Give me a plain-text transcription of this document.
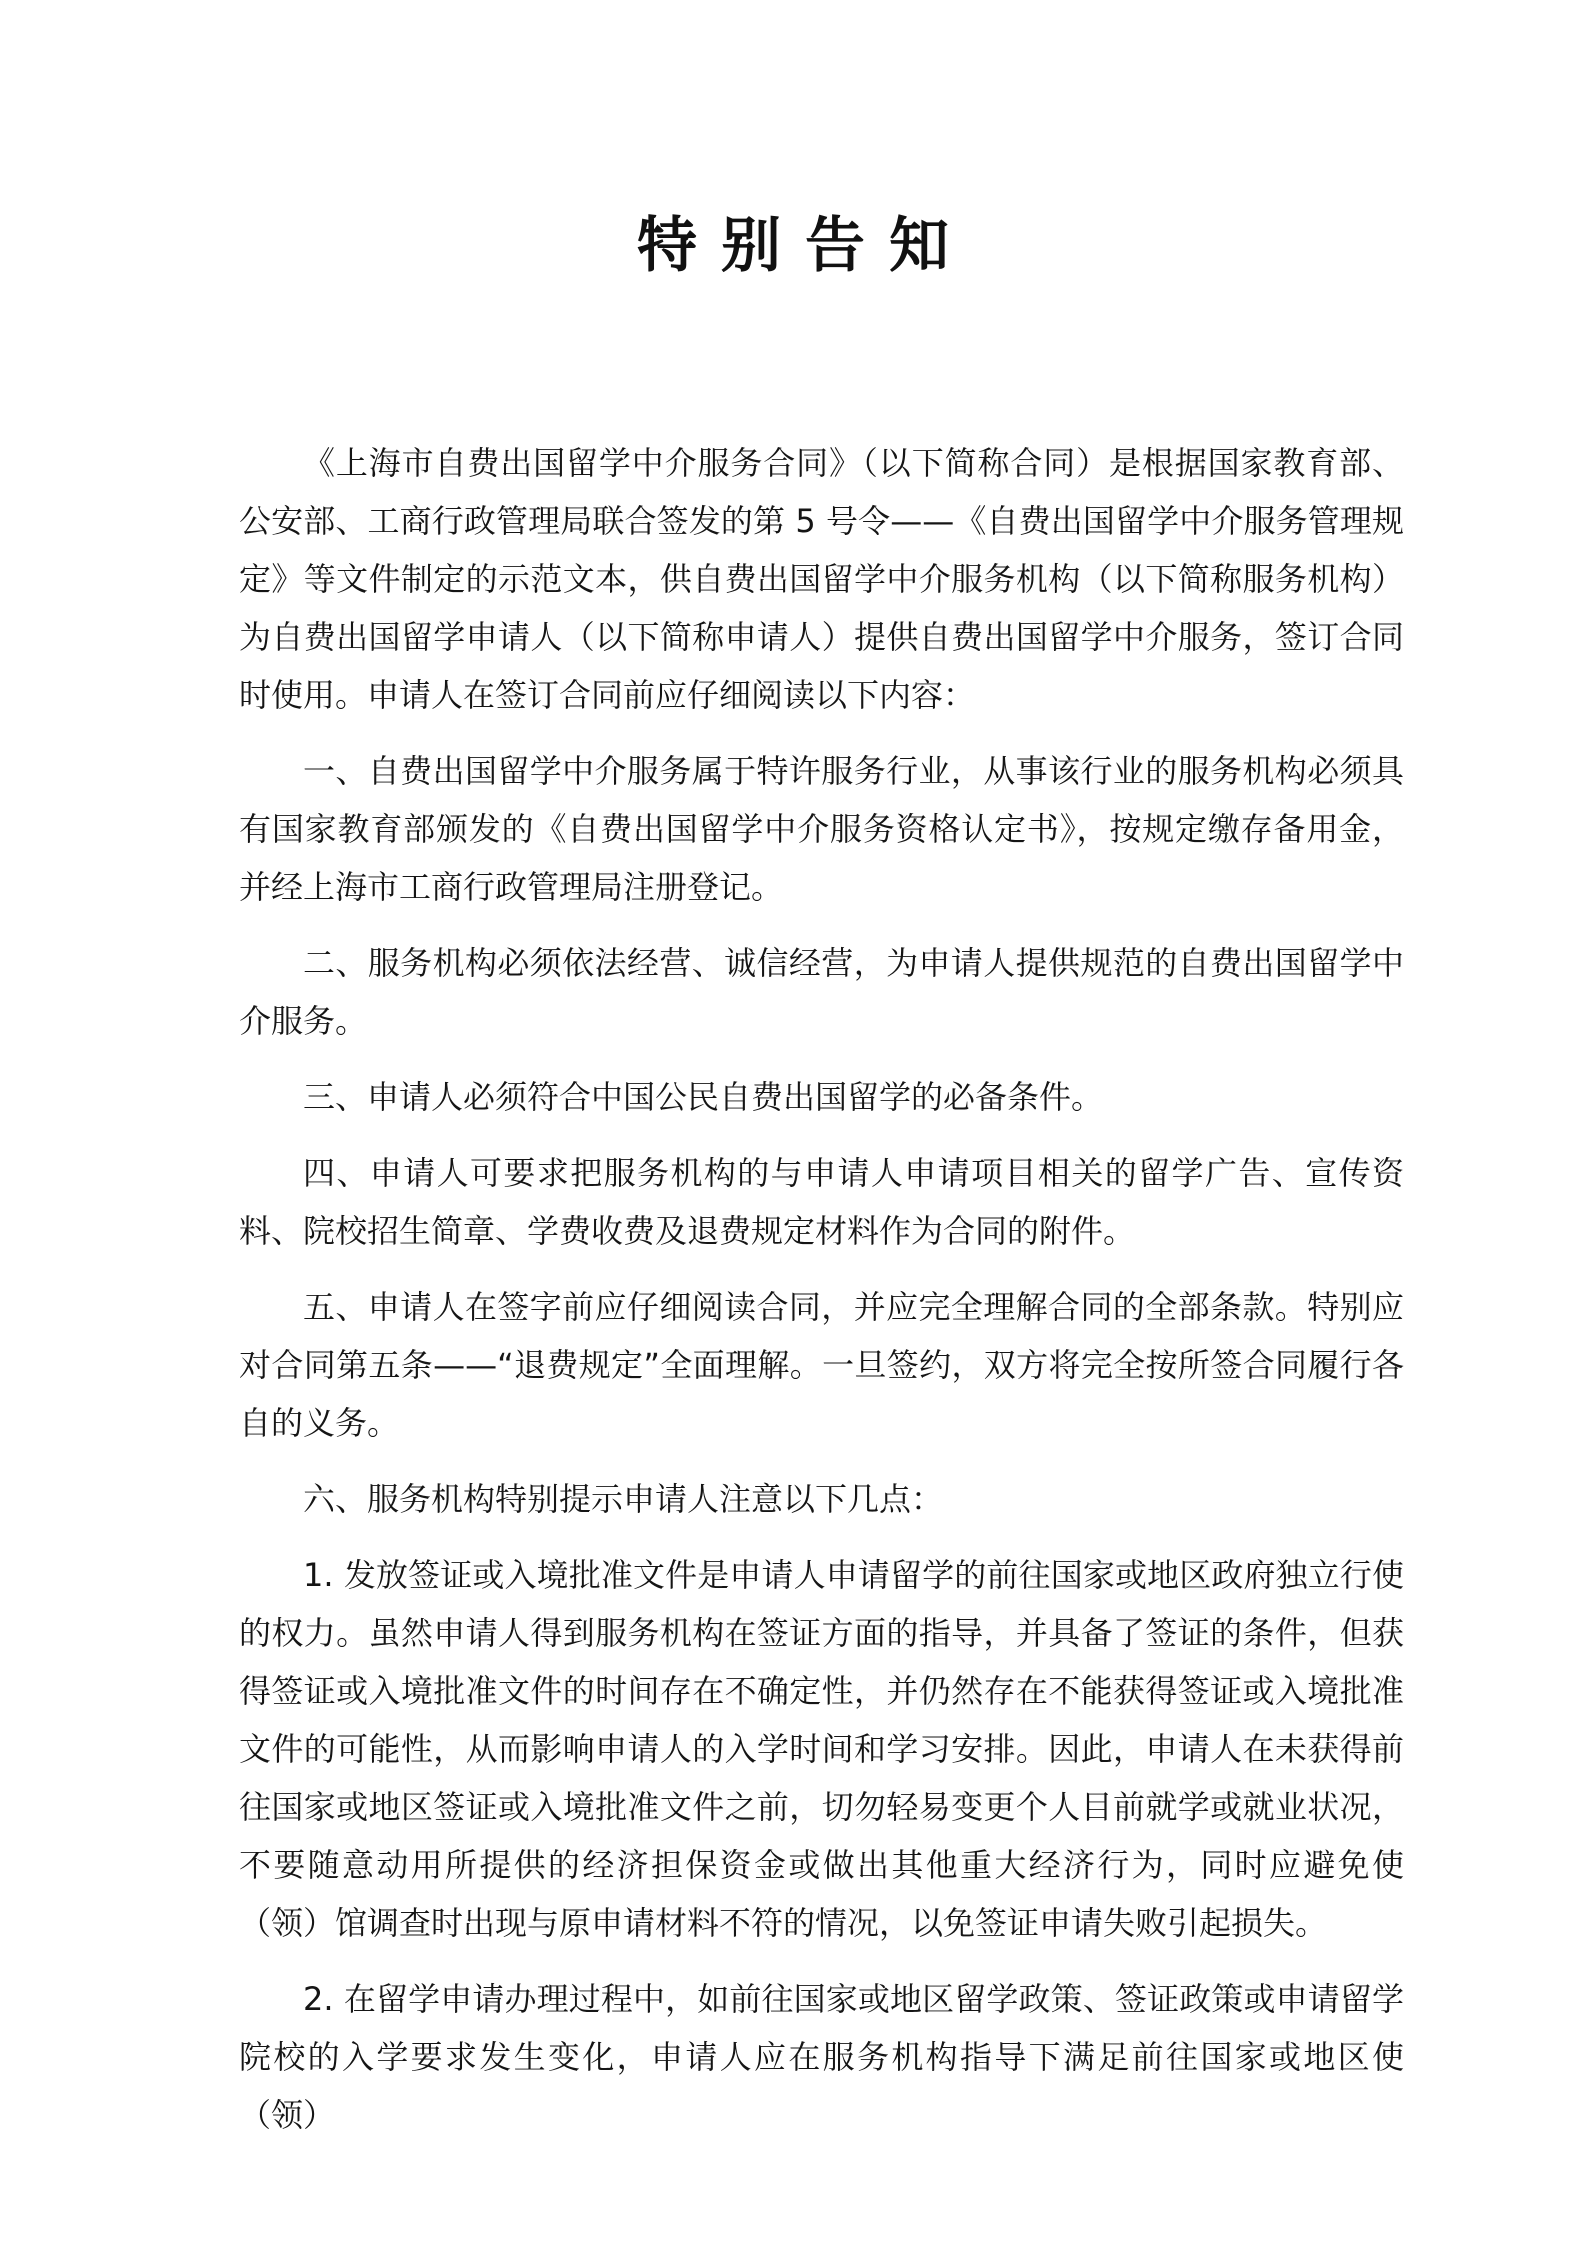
特别告知

《上海市自费出国留学中介服务合同》（以下简称合同）是根据国家教育部、公安部、工商行政管理局联合签发的第 5 号令——《自费出国留学中介服务管理规定》等文件制定的示范文本，供自费出国留学中介服务机构（以下简称服务机构）为自费出国留学申请人（以下简称申请人）提供自费出国留学中介服务，签订合同时使用。申请人在签订合同前应仔细阅读以下内容：

一、自费出国留学中介服务属于特许服务行业，从事该行业的服务机构必须具有国家教育部颁发的《自费出国留学中介服务资格认定书》，按规定缴存备用金，并经上海市工商行政管理局注册登记。

二、服务机构必须依法经营、诚信经营，为申请人提供规范的自费出国留学中介服务。

三、申请人必须符合中国公民自费出国留学的必备条件。

四、申请人可要求把服务机构的与申请人申请项目相关的留学广告、宣传资料、院校招生简章、学费收费及退费规定材料作为合同的附件。

五、申请人在签字前应仔细阅读合同，并应完全理解合同的全部条款。特别应对合同第五条——“退费规定”全面理解。一旦签约，双方将完全按所签合同履行各自的义务。

六、服务机构特别提示申请人注意以下几点：

1. 发放签证或入境批准文件是申请人申请留学的前往国家或地区政府独立行使的权力。虽然申请人得到服务机构在签证方面的指导，并具备了签证的条件，但获得签证或入境批准文件的时间存在不确定性，并仍然存在不能获得签证或入境批准文件的可能性，从而影响申请人的入学时间和学习安排。因此，申请人在未获得前往国家或地区签证或入境批准文件之前，切勿轻易变更个人目前就学或就业状况，不要随意动用所提供的经济担保资金或做出其他重大经济行为，同时应避免使（领）馆调查时出现与原申请材料不符的情况，以免签证申请失败引起损失。

2. 在留学申请办理过程中，如前往国家或地区留学政策、签证政策或申请留学院校的入学要求发生变化，申请人应在服务机构指导下满足前往国家或地区使（领）
